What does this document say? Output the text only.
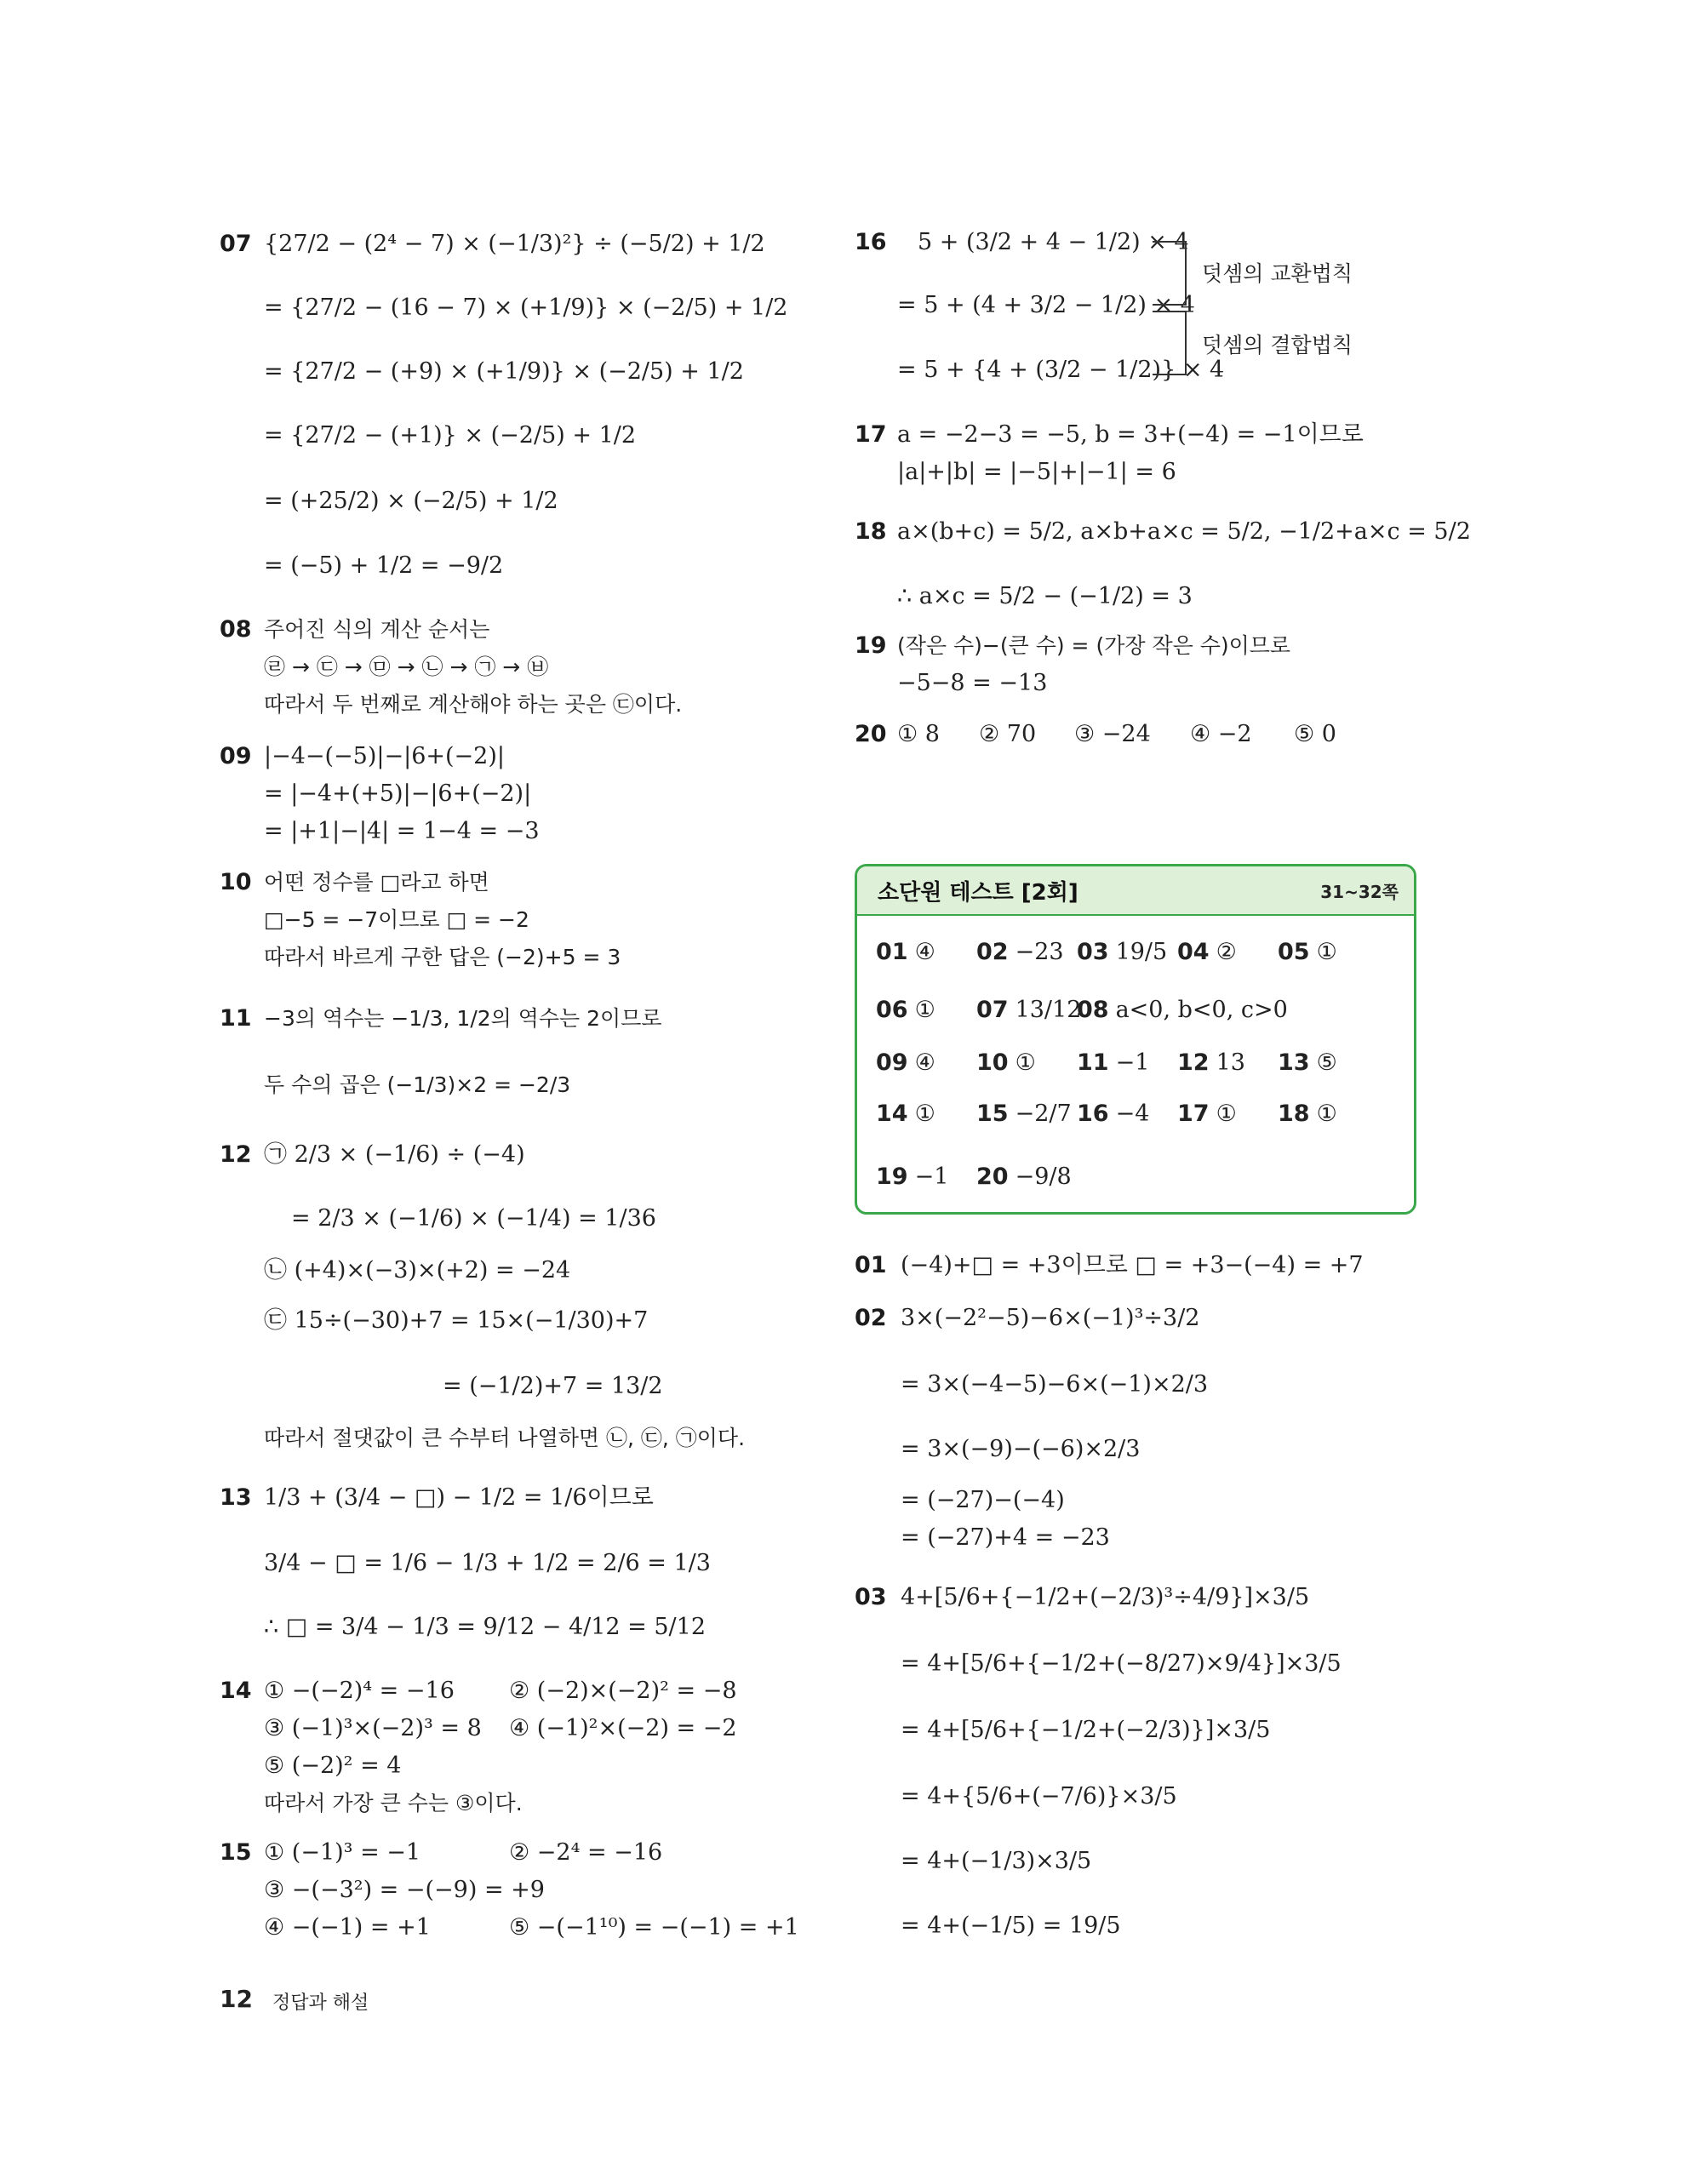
07 {27/2 − (2⁴ − 7) × (−1/3)²} ÷ (−5/2) + 1/2
= {27/2 − (16 − 7) × (+1/9)} × (−2/5) + 1/2
= {27/2 − (+9) × (+1/9)} × (−2/5) + 1/2
= {27/2 − (+1)} × (−2/5) + 1/2
= (+25/2) × (−2/5) + 1/2
= (−5) + 1/2 = −9/2
08 주어진 식의 계산 순서는
㉣ → ㉢ → ㉤ → ㉡ → ㉠ → ㉥
따라서 두 번째로 계산해야 하는 곳은 ㉢이다.
09 |−4−(−5)|−|6+(−2)|
= |−4+(+5)|−|6+(−2)|
= |+1|−|4| = 1−4 = −3
10 어떤 정수를 □라고 하면
□−5 = −7이므로 □ = −2
따라서 바르게 구한 답은 (−2)+5 = 3
11 −3의 역수는 −1/3, 1/2의 역수는 2이므로
두 수의 곱은 (−1/3)×2 = −2/3
12 ㉠ 2/3 × (−1/6) ÷ (−4)
= 2/3 × (−1/6) × (−1/4) = 1/36
㉡ (+4)×(−3)×(+2) = −24
㉢ 15÷(−30)+7 = 15×(−1/30)+7
= (−1/2)+7 = 13/2
따라서 절댓값이 큰 수부터 나열하면 ㉡, ㉢, ㉠이다.
13 1/3 + (3/4 − □) − 1/2 = 1/6이므로
3/4 − □ = 1/6 − 1/3 + 1/2 = 2/6 = 1/3
∴ □ = 3/4 − 1/3 = 9/12 − 4/12 = 5/12
14 ① −(−2)⁴ = −16 ② (−2)×(−2)² = −8
③ (−1)³×(−2)³ = 8 ④ (−1)²×(−2) = −2
⑤ (−2)² = 4
따라서 가장 큰 수는 ③이다.
15 ① (−1)³ = −1	② −2⁴ = −16
③ −(−3²) = −(−9) = +9
④ −(−1) = +1	⑤ −(−1¹⁰) = −(−1) = +1
16 5 + (3/2 + 4 − 1/2) × 4
= 5 + (4 + 3/2 − 1/2) × 4
= 5 + {4 + (3/2 − 1/2)} × 4
덧셈의 교환법칙
덧셈의 결합법칙
17 a = −2−3 = −5, b = 3+(−4) = −1이므로
|a|+|b| = |−5|+|−1| = 6
18 a×(b+c) = 5/2, a×b+a×c = 5/2, −1/2+a×c = 5/2
∴ a×c = 5/2 − (−1/2) = 3
19 (작은 수)−(큰 수) = (가장 작은 수)이므로
−5−8 = −13
20 ① 8 ② 70 ③ −24 ④ −2 ⑤ 0
소단원 테스트 [2회]	31~32쪽
01 ④ 02 −23 03 19/5 04 ② 05 ①
06 ① 07 13/12
08 a<0, b<0, c>0
09 ④ 10 ① 11 −1 12 13 13 ⑤
14 ① 15 −2/7 16 −4 17 ① 18 ①
19 −1 20 −9/8
01 (−4)+□ = +3이므로 □ = +3−(−4) = +7
02 3×(−2²−5)−6×(−1)³÷3/2
= 3×(−4−5)−6×(−1)×2/3
= 3×(−9)−(−6)×2/3
= (−27)−(−4)
= (−27)+4 = −23
03 4+[5/6+{−1/2+(−2/3)³÷4/9}]×3/5
= 4+[5/6+{−1/2+(−8/27)×9/4}]×3/5
= 4+[5/6+{−1/2+(−2/3)}]×3/5
= 4+{5/6+(−7/6)}×3/5
= 4+(−1/3)×3/5
= 4+(−1/5) = 19/5
12 정답과 해설
